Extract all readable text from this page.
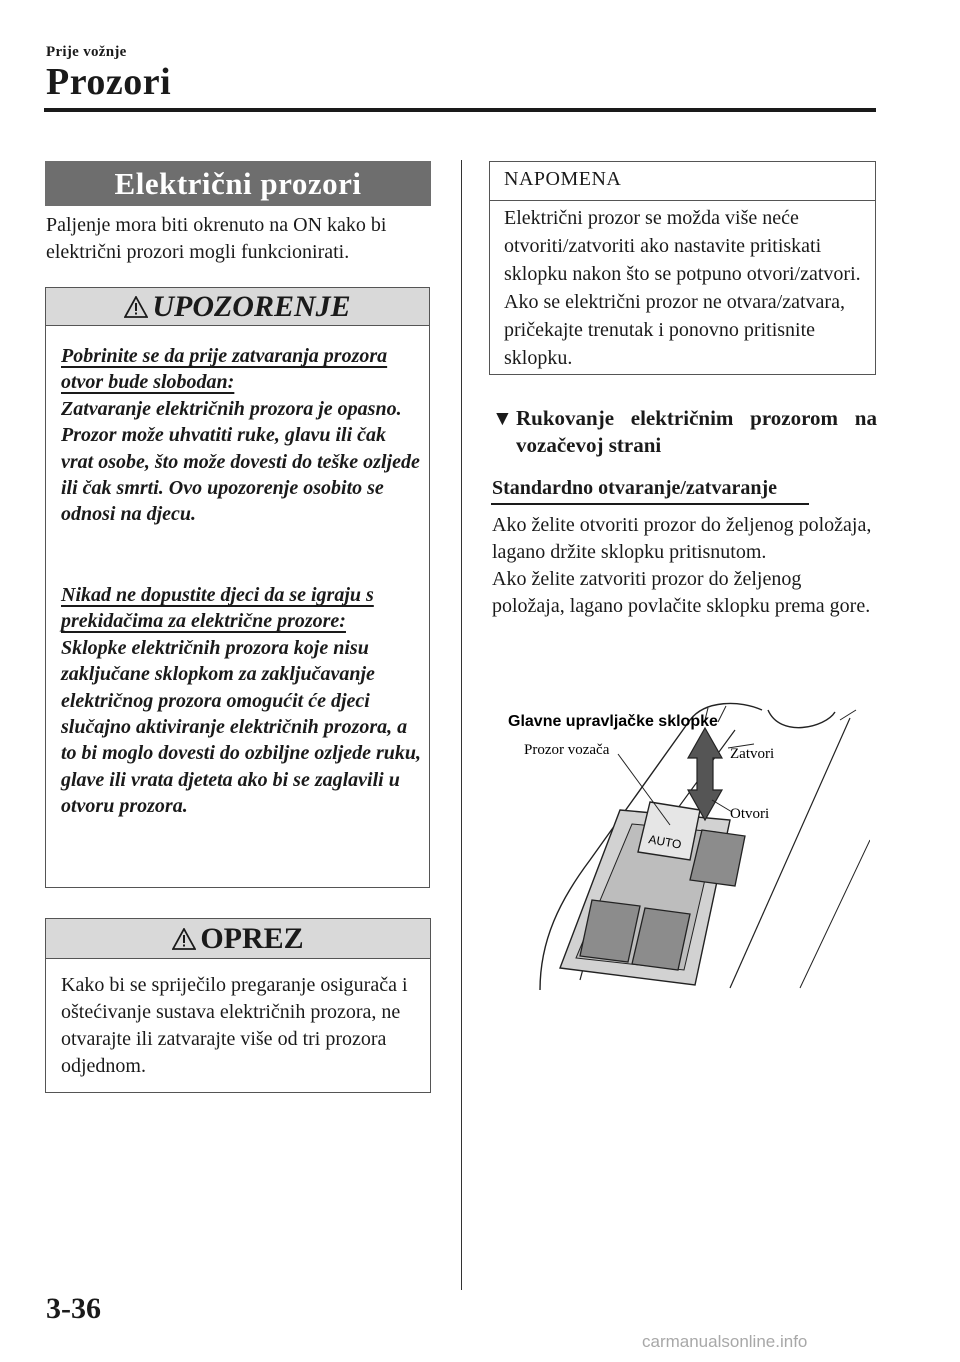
Prije vožnje
Prozori
Električni prozori
Paljenje mora biti okrenuto na ON kako bi električni prozori mogli funkcionirati.
UPOZORENJE
Pobrinite se da prije zatvaranja prozora otvor bude slobodan:
Zatvaranje električnih prozora je opasno. Prozor može uhvatiti ruke, glavu ili čak vrat osobe, što može dovesti do teške ozljede ili čak smrti. Ovo upozorenje osobito se odnosi na djecu.
Nikad ne dopustite djeci da se igraju s prekidačima za električne prozore:
Sklopke električnih prozora koje nisu zaključane sklopkom za zaključavanje električnog prozora omogućit će djeci slučajno aktiviranje električnih prozora, a to bi moglo dovesti do ozbiljne ozljede ruku, glave ili vrata djeteta ako bi se zaglavili u otvoru prozora.
OPREZ
Kako bi se spriječilo pregaranje osigurača i oštećivanje sustava električnih prozora, ne otvarajte ili zatvarajte više od tri prozora odjednom.
NAPOMENA
Električni prozor se možda više neće otvoriti/zatvoriti ako nastavite pritiskati sklopku nakon što se potpuno otvori/zatvori. Ako se električni prozor ne otvara/zatvara, pričekajte trenutak i ponovno pritisnite sklopku.
▼ Rukovanje električnim prozorom na vozačevoj strani
Standardno otvaranje/zatvaranje
Ako želite otvoriti prozor do željenog položaja, lagano držite sklopku pritisnutom.
Ako želite zatvoriti prozor do željenog položaja, lagano povlačite sklopku prema gore.
Glavne upravljačke sklopke
Prozor vozača	Zatvori
Otvori
AUTO
3-36
carmanualsonline.info
